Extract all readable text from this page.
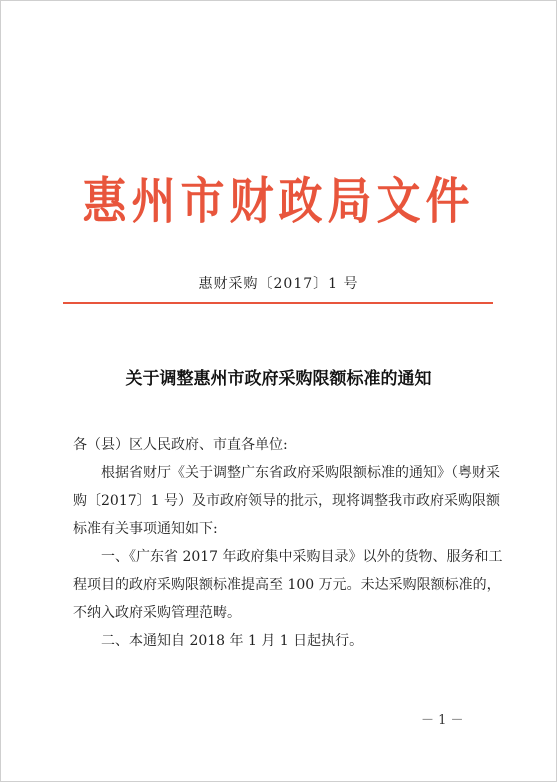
惠州市财政局文件
惠财采购〔2017〕1 号
关于调整惠州市政府采购限额标准的通知

各（县）区人民政府、市直各单位:

根据省财厅《关于调整广东省政府采购限额标准的通知》（粤财采购〔2017〕1 号）及市政府领导的批示，现将调整我市政府采购限额标准有关事项通知如下:

一、《广东省 2017 年政府集中采购目录》以外的货物、服务和工程项目的政府采购限额标准提高至 100 万元。未达采购限额标准的，不纳入政府采购管理范畴。

二、本通知自 2018 年 1 月 1 日起执行。

－ 1 －
